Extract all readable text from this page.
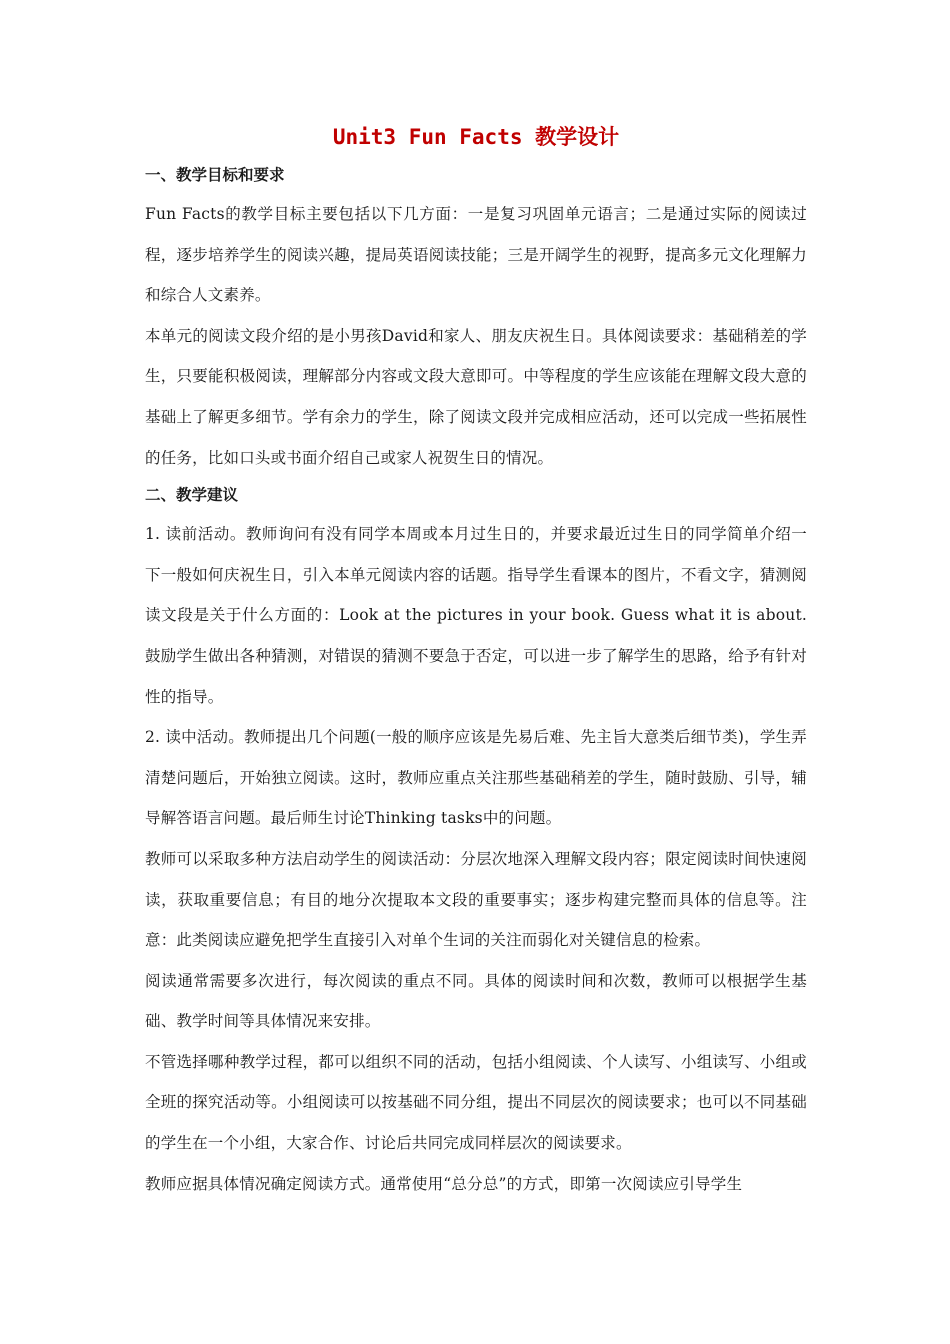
Unit3 Fun Facts 教学设计
一、教学目标和要求

Fun Facts的教学目标主要包括以下几方面：一是复习巩固单元语言；二是通过实际的阅读过程，逐步培养学生的阅读兴趣，提局英语阅读技能；三是开阔学生的视野，提高多元文化理解力和综合人文素养。

本单元的阅读文段介绍的是小男孩David和家人、朋友庆祝生日。具体阅读要求：基础稍差的学生，只要能积极阅读，理解部分内容或文段大意即可。中等程度的学生应该能在理解文段大意的基础上了解更多细节。学有余力的学生，除了阅读文段并完成相应活动，还可以完成一些拓展性的任务，比如口头或书面介绍自己或家人祝贺生日的情况。

二、教学建议

1. 读前活动。教师询问有没有同学本周或本月过生日的，并要求最近过生日的同学简单介绍一下一般如何庆祝生日，引入本单元阅读内容的话题。指导学生看课本的图片，不看文字，猜测阅读文段是关于什么方面的：Look at the pictures in your book. Guess what it is about.鼓励学生做出各种猜测，对错误的猜测不要急于否定，可以进一步了解学生的思路，给予有针对性的指导。

2. 读中活动。教师提出几个问题(一般的顺序应该是先易后难、先主旨大意类后细节类)，学生弄清楚问题后，开始独立阅读。这时，教师应重点关注那些基础稍差的学生，随时鼓励、引导，辅导解答语言问题。最后师生讨论Thinking tasks中的问题。

教师可以采取多种方法启动学生的阅读活动：分层次地深入理解文段内容；限定阅读时间快速阅读，获取重要信息；有目的地分次提取本文段的重要事实；逐步构建完整而具体的信息等。注意：此类阅读应避免把学生直接引入对单个生词的关注而弱化对关键信息的检索。

阅读通常需要多次进行，每次阅读的重点不同。具体的阅读时间和次数，教师可以根据学生基础、教学时间等具体情况来安排。

不管选择哪种教学过程，都可以组织不同的活动，包括小组阅读、个人读写、小组读写、小组或全班的探究活动等。小组阅读可以按基础不同分组，提出不同层次的阅读要求；也可以不同基础的学生在一个小组，大家合作、讨论后共同完成同样层次的阅读要求。

教师应据具体情况确定阅读方式。通常使用“总分总”的方式，即第一次阅读应引导学生
